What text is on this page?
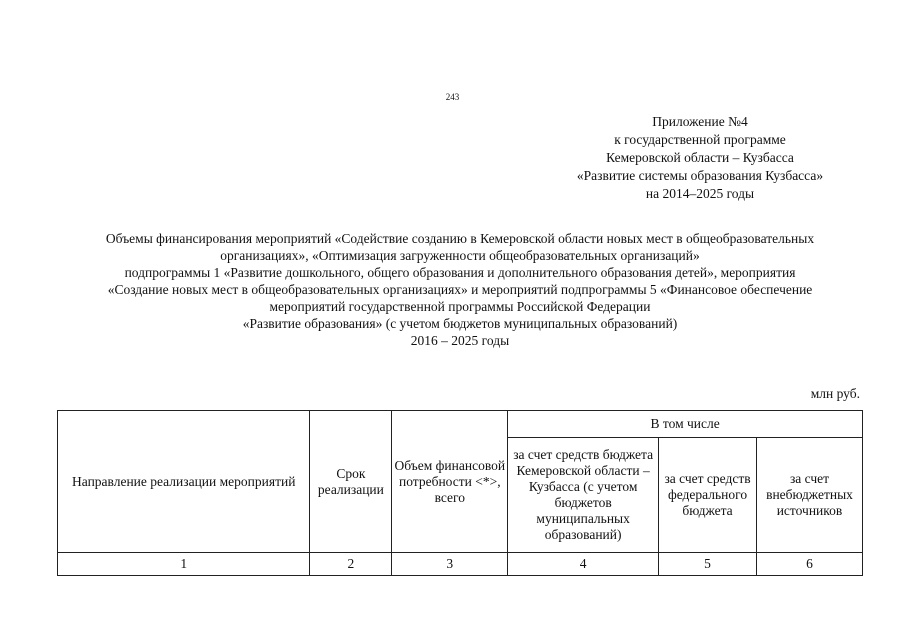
243
Приложение №4
к государственной программе
Кемеровской области – Кузбасса
«Развитие системы образования Кузбасса»
на 2014–2025 годы
Объемы финансирования мероприятий «Содействие созданию в Кемеровской области новых мест в общеобразовательных
организациях», «Оптимизация загруженности общеобразовательных организаций»
подпрограммы 1 «Развитие дошкольного, общего образования и дополнительного образования детей», мероприятия
«Создание новых мест в общеобразовательных организациях» и мероприятий подпрограммы 5 «Финансовое обеспечение
мероприятий государственной программы Российской Федерации
«Развитие образования» (с учетом бюджетов муниципальных образований)
2016 – 2025 годы
млн руб.
Направление реализации мероприятий	Срок реализации	Объем финансовой потребности <*>, всего	В том числе		
			за счет средств бюджета Кемеровской области – Кузбасса (с учетом бюджетов муниципальных образований)	за счет средств федерального бюджета	за счет внебюджетных источников
1	2	3	4	5	6
